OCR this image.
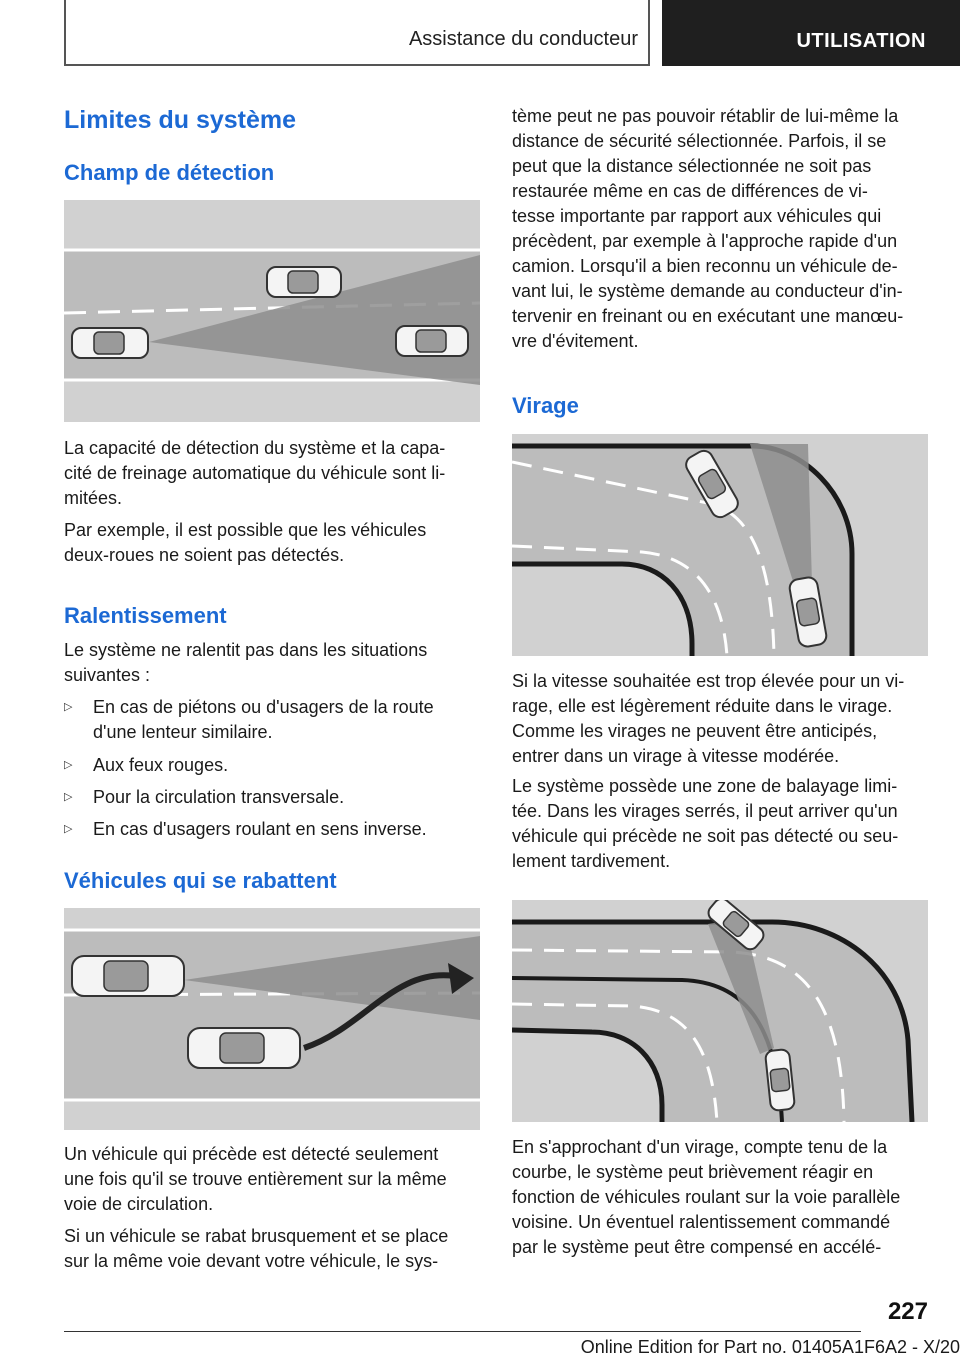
Assistance du conducteur	UTILISATION
Limites du système
Champ de détection
La capacité de détection du système et la capa-
cité de freinage automatique du véhicule sont li-
mitées.
Par exemple, il est possible que les véhicules
deux-roues ne soient pas détectés.
Ralentissement
Le système ne ralentit pas dans les situations
suivantes :
▷ En cas de piétons ou d'usagers de la route
d'une lenteur similaire.
▷ Aux feux rouges.
▷ Pour la circulation transversale.
▷ En cas d'usagers roulant en sens inverse.
Véhicules qui se rabattent
Un véhicule qui précède est détecté seulement
une fois qu'il se trouve entièrement sur la même
voie de circulation.
Si un véhicule se rabat brusquement et se place
sur la même voie devant votre véhicule, le sys-
tème peut ne pas pouvoir rétablir de lui-même la
distance de sécurité sélectionnée. Parfois, il se
peut que la distance sélectionnée ne soit pas
restaurée même en cas de différences de vi-
tesse importante par rapport aux véhicules qui
précèdent, par exemple à l'approche rapide d'un
camion. Lorsqu'il a bien reconnu un véhicule de-
vant lui, le système demande au conducteur d'in-
tervenir en freinant ou en exécutant une manœu-
vre d'évitement.
Virage
Si la vitesse souhaitée est trop élevée pour un vi-
rage, elle est légèrement réduite dans le virage.
Comme les virages ne peuvent être anticipés,
entrer dans un virage à vitesse modérée.
Le système possède une zone de balayage limi-
tée. Dans les virages serrés, il peut arriver qu'un
véhicule qui précède ne soit pas détecté ou seu-
lement tardivement.
En s'approchant d'un virage, compte tenu de la
courbe, le système peut brièvement réagir en
fonction de véhicules roulant sur la voie parallèle
voisine. Un éventuel ralentissement commandé
par le système peut être compensé en accélé-
227
Online Edition for Part no. 01405A1F6A2 - X/20
